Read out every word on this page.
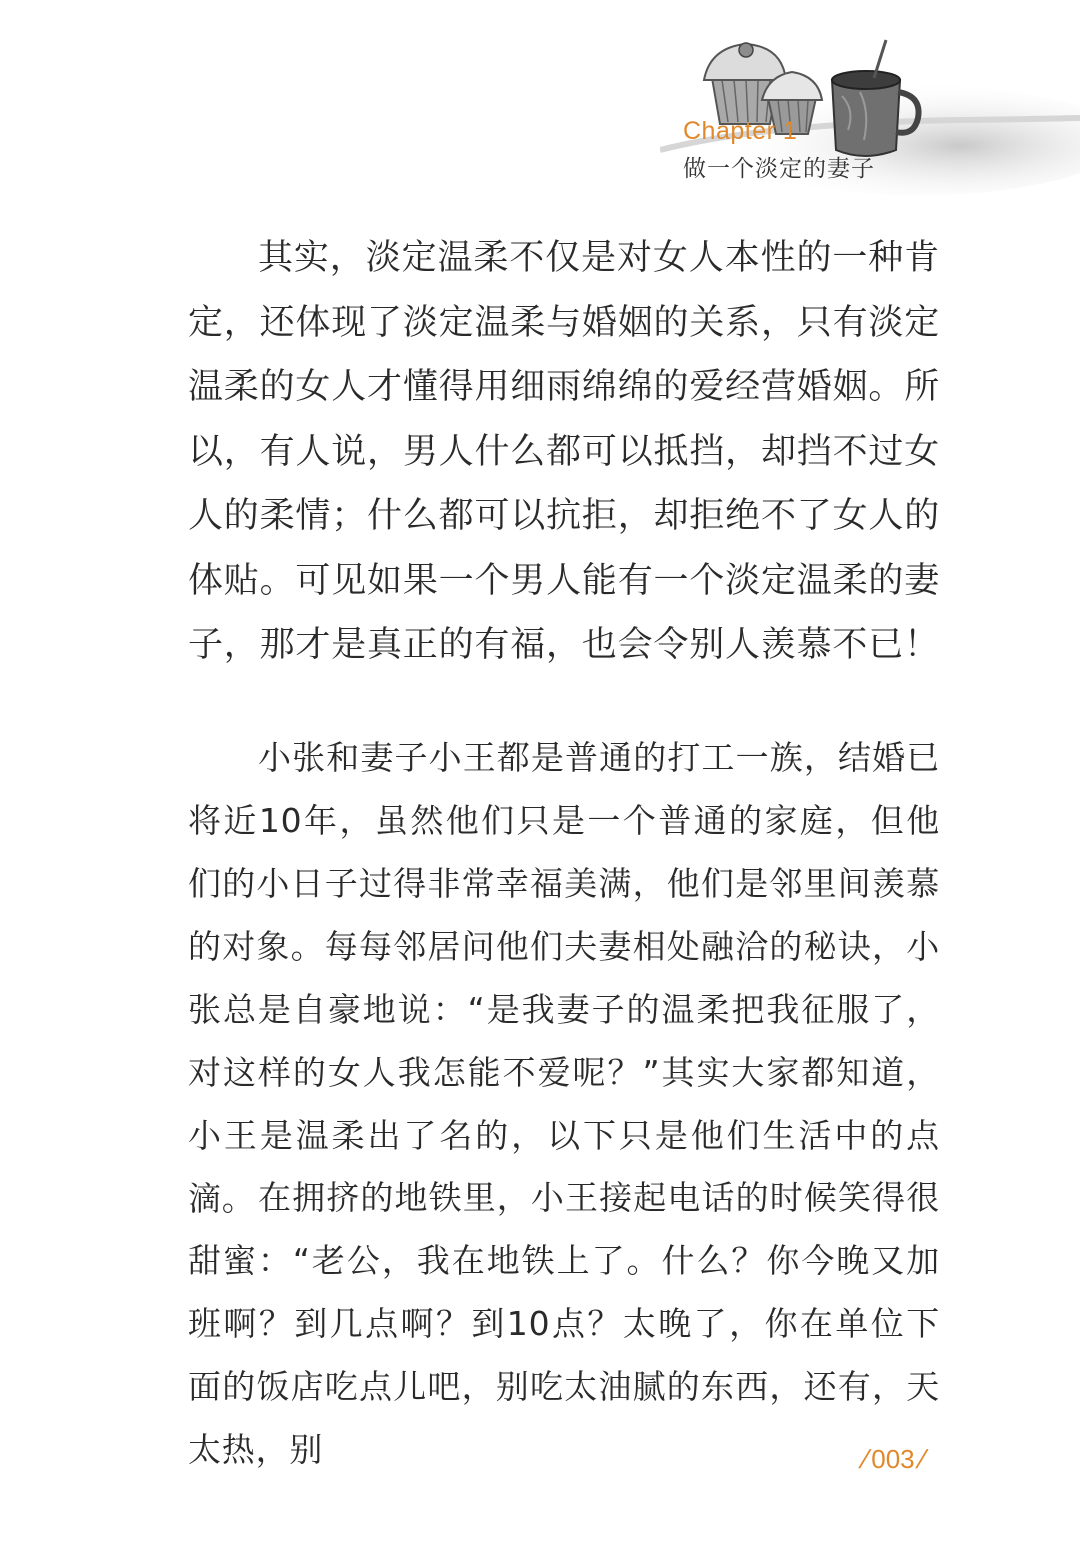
Chapter 1
做一个淡定的妻子

其实，淡定温柔不仅是对女人本性的一种肯定，还体现了淡定温柔与婚姻的关系，只有淡定温柔的女人才懂得用细雨绵绵的爱经营婚姻。所以，有人说，男人什么都可以抵挡，却挡不过女人的柔情；什么都可以抗拒，却拒绝不了女人的体贴。可见如果一个男人能有一个淡定温柔的妻子，那才是真正的有福，也会令别人羡慕不已！

小张和妻子小王都是普通的打工一族，结婚已将近10年，虽然他们只是一个普通的家庭，但他们的小日子过得非常幸福美满，他们是邻里间羡慕的对象。每每邻居问他们夫妻相处融洽的秘诀，小张总是自豪地说：“是我妻子的温柔把我征服了，对这样的女人我怎能不爱呢？”其实大家都知道，小王是温柔出了名的，以下只是他们生活中的点滴。 在拥挤的地铁里，小王接起电话的时候笑得很甜蜜：“老公，我在地铁上了。什么？你今晚又加班啊？到几点啊？到10点？太晚了，你在单位下面的饭店吃点儿吧，别吃太油腻的东西，还有，天太热，别	/003/
